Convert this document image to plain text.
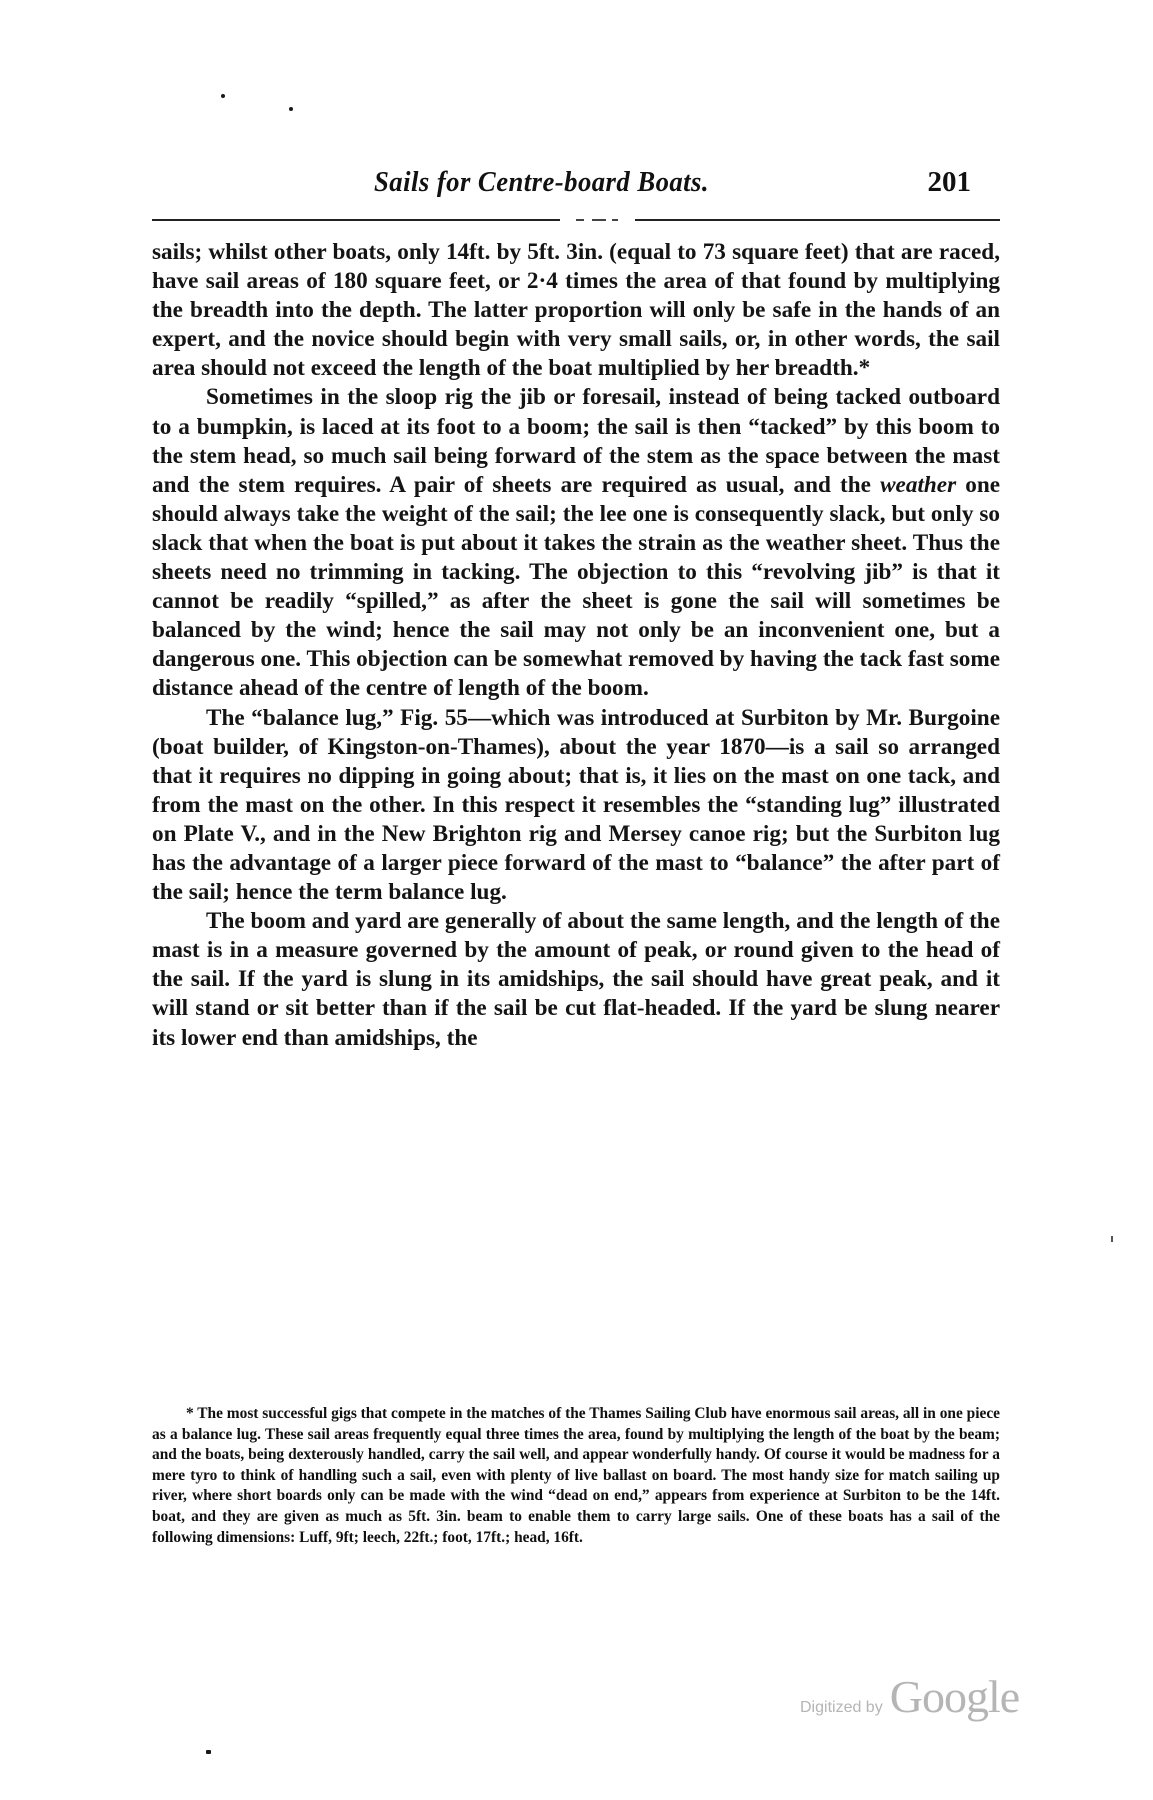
Sails for Centre-board Boats.	201

sails; whilst other boats, only 14ft. by 5ft. 3in. (equal to 73 square feet) that are raced, have sail areas of 180 square feet, or 2·4 times the area of that found by multiplying the breadth into the depth. The latter proportion will only be safe in the hands of an expert, and the novice should begin with very small sails, or, in other words, the sail area should not exceed the length of the boat multiplied by her breadth.*

Sometimes in the sloop rig the jib or foresail, instead of being tacked outboard to a bumpkin, is laced at its foot to a boom; the sail is then “tacked” by this boom to the stem head, so much sail being forward of the stem as the space between the mast and the stem requires. A pair of sheets are required as usual, and the weather one should always take the weight of the sail; the lee one is consequently slack, but only so slack that when the boat is put about it takes the strain as the weather sheet. Thus the sheets need no trimming in tacking. The objection to this “revolving jib” is that it cannot be readily “spilled,” as after the sheet is gone the sail will sometimes be balanced by the wind; hence the sail may not only be an inconvenient one, but a dangerous one. This objection can be somewhat removed by having the tack fast some distance ahead of the centre of length of the boom.

The “balance lug,” Fig. 55—which was introduced at Surbiton by Mr. Burgoine (boat builder, of Kingston-on-Thames), about the year 1870—is a sail so arranged that it requires no dipping in going about; that is, it lies on the mast on one tack, and from the mast on the other. In this respect it resembles the “standing lug” illustrated on Plate V., and in the New Brighton rig and Mersey canoe rig; but the Surbiton lug has the advantage of a larger piece forward of the mast to “balance” the after part of the sail; hence the term balance lug.

The boom and yard are generally of about the same length, and the length of the mast is in a measure governed by the amount of peak, or round given to the head of the sail. If the yard is slung in its amidships, the sail should have great peak, and it will stand or sit better than if the sail be cut flat-headed. If the yard be slung nearer its lower end than amidships, the

* The most successful gigs that compete in the matches of the Thames Sailing Club have enormous sail areas, all in one piece as a balance lug. These sail areas frequently equal three times the area, found by multiplying the length of the boat by the beam; and the boats, being dexterously handled, carry the sail well, and appear wonderfully handy. Of course it would be madness for a mere tyro to think of handling such a sail, even with plenty of live ballast on board. The most handy size for match sailing up river, where short boards only can be made with the wind “dead on end,” appears from experience at Surbiton to be the 14ft. boat, and they are given as much as 5ft. 3in. beam to enable them to carry large sails. One of these boats has a sail of the following dimensions: Luff, 9ft; leech, 22ft.; foot, 17ft.; head, 16ft.

Digitized by Google
